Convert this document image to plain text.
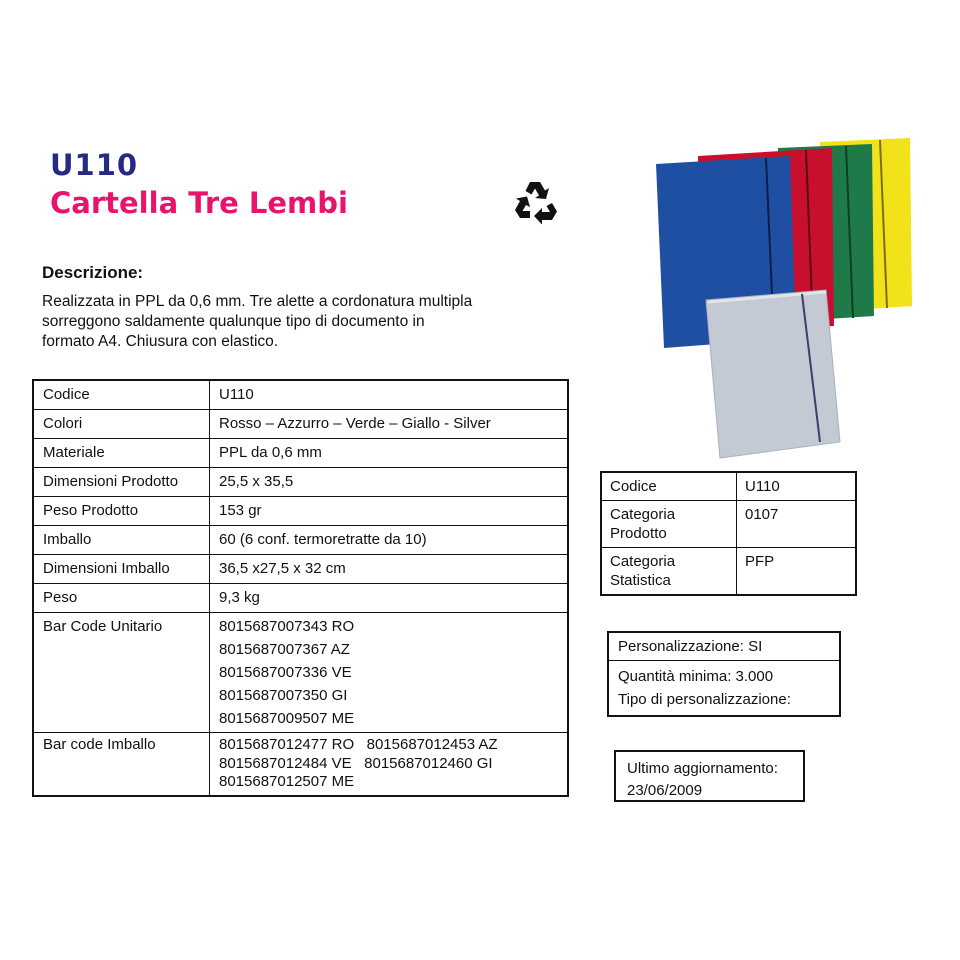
U110
Cartella Tre Lembi
Descrizione:
Realizzata in PPL da 0,6 mm. Tre alette a cordonatura multipla
sorreggono saldamente qualunque tipo di documento in
formato A4. Chiusura con elastico.
Codice	U110
Colori	Rosso – Azzurro – Verde – Giallo - Silver
Materiale	PPL da 0,6 mm
Dimensioni Prodotto	25,5 x 35,5
Peso Prodotto	153 gr
Imballo	60 (6 conf. termoretratte da 10)
Dimensioni Imballo	36,5 x27,5 x 32 cm
Peso	9,3 kg

Bar Code Unitario	8015687007343 RO
8015687007367 AZ
8015687007336 VE
8015687007350 GI
8015687009507 ME

Bar code Imballo	8015687012477 RO   8015687012453 AZ
8015687012484 VE   8015687012460 GI
8015687012507 ME
Codice	U110
Categoria Prodotto	0107
Categoria Statistica	PFP
Personalizzazione: SI
Quantità minima: 3.000
Tipo di personalizzazione:
Ultimo aggiornamento:
23/06/2009
